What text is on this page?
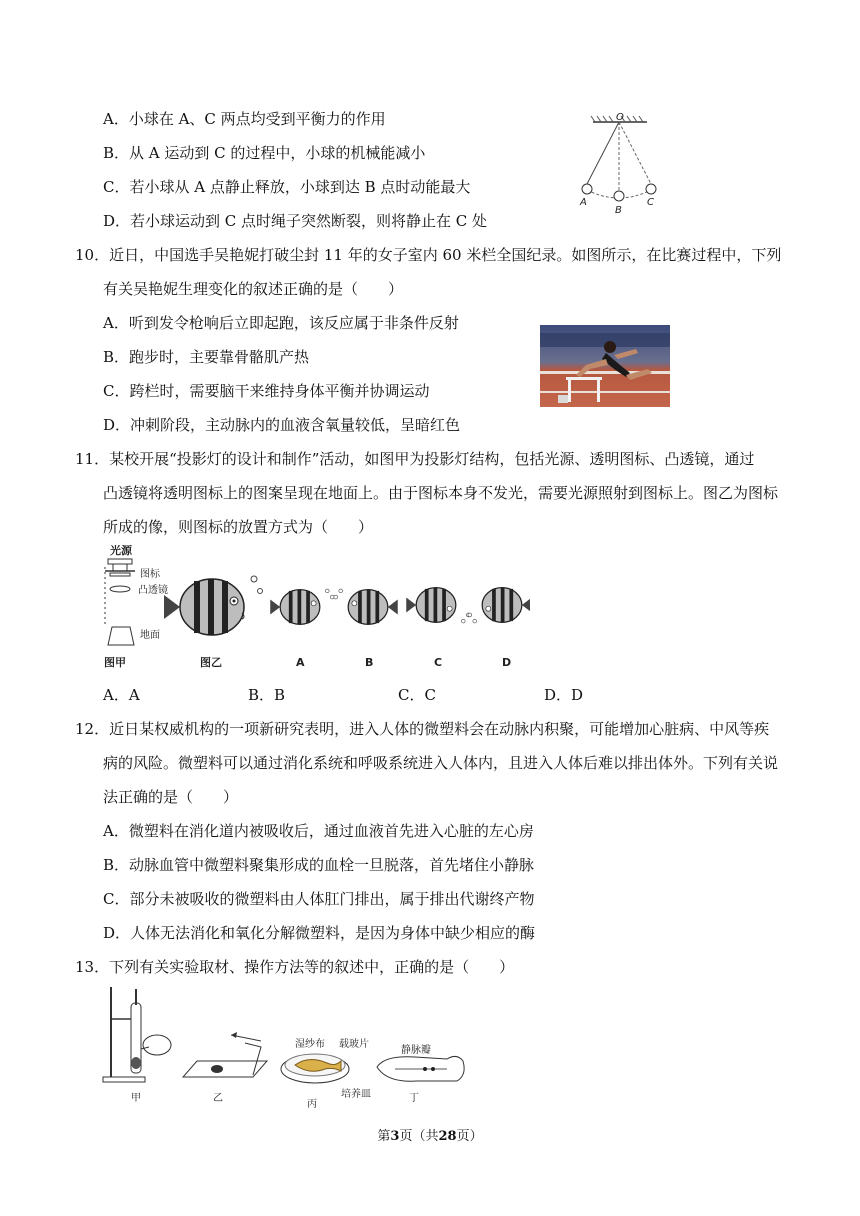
A．小球在 A、C 两点均受到平衡力的作用
B．从 A 运动到 C 的过程中，小球的机械能减小
C．若小球从 A 点静止释放，小球到达 B 点时动能最大
D．若小球运动到 C 点时绳子突然断裂，则将静止在 C 处
O
A
B
C
10．近日，中国选手吴艳妮打破尘封 11 年的女子室内 60 米栏全国纪录。如图所示，在比赛过程中，下列
有关吴艳妮生理变化的叙述正确的是（　　）
A．听到发令枪响后立即起跑，该反应属于非条件反射
B．跑步时，主要靠骨骼肌产热
C．跨栏时，需要脑干来维持身体平衡并协调运动
D．冲刺阶段，主动脉内的血液含氧量较低，呈暗红色
11．某校开展“投影灯的设计和制作”活动，如图甲为投影灯结构，包括光源、透明图标、凸透镜，通过
凸透镜将透明图标上的图案呈现在地面上。由于图标本身不发光，需要光源照射到图标上。图乙为图标
所成的像，则图标的放置方式为（　　）
光源
图标
凸透镜
地面
图甲	图乙	A	B	C	D
A．A	B．B	C．C	D．D
12．近日某权威机构的一项新研究表明，进入人体的微塑料会在动脉内积聚，可能增加心脏病、中风等疾
病的风险。微塑料可以通过消化系统和呼吸系统进入人体内，且进入人体后难以排出体外。下列有关说
法正确的是（　　）
A．微塑料在消化道内被吸收后，通过血液首先进入心脏的左心房
B．动脉血管中微塑料聚集形成的血栓一旦脱落，首先堵住小静脉
C．部分未被吸收的微塑料由人体肛门排出，属于排出代谢终产物
D．人体无法消化和氧化分解微塑料，是因为身体中缺少相应的酶
13．下列有关实验取材、操作方法等的叙述中，正确的是（　　）
甲	乙
湿纱布 载玻片
培养皿
丙
静脉瓣
丁
第3页（共28页）
